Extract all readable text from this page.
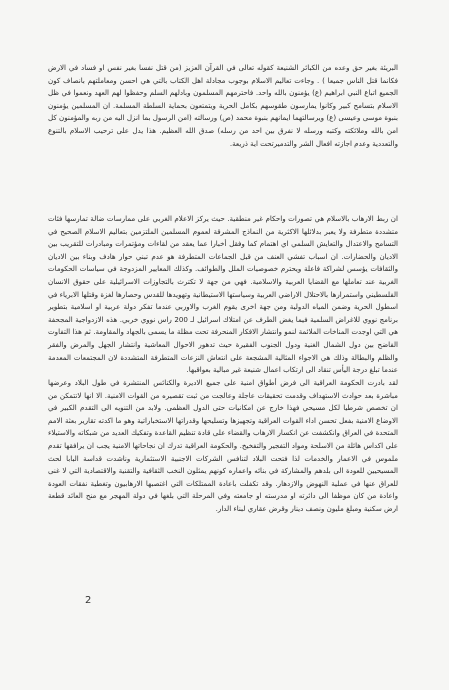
البريئة بغير حق وعده من الكبائر الشنيعة كقوله تعالى في القرآن العزيز (من قتل نفسا بغير نفس او فساد في الارض فكانما قتل الناس جميعا ) . وجاءت تعاليم الاسلام بوجوب مجادلة اهل الكتاب بالتي هي احسن ومعاملتهم بانصاف كون الجميع اتباع النبي ابراهيم (ع) يؤمنون بالله واحد. فاحترمهم المسلمون وبادلهم السلم وحفظوا لهم العهد ونعموا في ظل الاسلام بتسامح كبير وكانوا يمارسون طقوسهم بكامل الحرية ويتمتعون بحماية السلطة المسلمة. ان المسلمين يؤمنون بنبوة موسى وعيسى (ع) ويرسالتهما ايمانهم بنبوة محمد (ص) ورسالته (امن الرسول بما انزل اليه من ربه والمؤمنون كل امن بالله وملائكته وكتبه ورسله لا نفرق بين احد من رسله) صدق الله العظيم. هذا يدل على ترحيب الاسلام بالتنوع والتعددية وعدم اجازته افعال الشر والتدميرتحت اية ذريعة.

ان ربط الارهاب بالاسلام هي تصورات واحكام غير منطقية. حيث يركز الاعلام الغربي على ممارسات ضالة تمارسها فئات متشددة متطرفة ولا يعبر بدلائلها الاكثرية من النماذج المشرقة لعموم المسلمين الملتزمين بتعاليم الاسلام الصحيح في التسامح والاعتدال والتعايش السلمي اي اهتمام كما وفقل أخبارا عما يعقد من لقاءات ومؤتمرات ومبادرات للتقريب بين الاديان والحضارات. ان اسباب تفشي العنف من قبل الجماعات المتطرفة هو عدم تبني حوار هادف وبناء بين الاديان والثقافات يؤسس لشراكة فاعلة ويحترم خصوصيات الملل والطوائف. وكذلك المعايير المزدوجة في سياسات الحكومات الغربية عند تعاملها مع القضايا العربية والاسلامية. فهي من جهة لا تكترث بالتجاوزات الاسرائيلية على حقوق الانسان الفلسطيني واستمرارها بالاحتلال الاراضي العربية وسياستها الاستيطانية وتهويدها للقدس وحصارها لغزة وقتلها الابرياء في اسطول الحرية وضمن المياه الدولية ومن جهة اخرى يقوم الغرب والاوربي عندما تفكر دولة عربية او اسلامية بتطوير برنامج نووي للاغراض السلمية فيما يغض الطرف عن امتلاك اسرائيل لـ 200 راس نووي خربي. هذه الازدواجية المجحفة هي التي اوجدت المناخات الملائمة لنمو وانتشار الافكار المنحرفة تحت مظلة ما يسمى بالجهاد والمقاومة. ثم هذا التفاوت الفاضح بين دول الشمال الغنية ودول الجنوب الفقيرة حيث تدهور الاحوال المعاشية وانتشار الجهل والمرض والفقر والظلم والبطالة وذلك هي الاجواء المثالية المشجعة على انتعاش النزعات المتطرفة المتشددة لان المجتمعات المعدمة عندما تبلغ درجة اليأس تنقاد الى ارتكاب اعمال شنيعة غير مبالية بعواقبها.

لقد بادرت الحكومة العراقية الى فرض أطواق امنية على جميع الاديرة والكنائس المنتشرة في طول البلاد وعرضها مباشرة بعد حوادث الاستهداف وقدمت تحقيقات عاجلة وعالجت من ثبت تقصيره من القوات الامنية. الا انها لاتتمكن من ان تخصص شرطيا لكل مسيحي فهذا خارج عن امكانيات حتى الدول العظمى. ولابد من التنويه الى التقدم الكبير في الاوضاع الامنية بفعل تحسن اداء القوات العراقية وتجهيزها وتسليحها وقدراتها الاستخباراتية وهو ما اكدته تقارير بعثة الامم المتحدة في العراق وانكشفت عن انكسار الارهاب والقضاء على قادة تنظيم القاعدة وتفكيك العديد من شبكاته والاستيلاء على اكداس هائلة من الاسلحة ومواد التفجير والتفخيخ. والحكومة العراقية تدرك ان نجاحاتها الامنية يجب ان يرافقها تقدم ملموس في الاعمار والخدمات لذا فتحت البلاد لتنافس الشركات الاجنبية الاستثمارية وناشدت قداسة البابا لحث المسيحيين للعودة الى بلدهم والمشاركة في بنائه واعماره كونهم يمثلون النخب الثقافية والتقنية والاقتصادية التي لا غنى للعراق عنها في عملية النهوض والازدهار. وقد تكفلت باعادة الممتلكات التي اغتصبها الارهابيون وتغطية نفقات العودة واعادة من كان موظفا الى دائرته او مدرسته او جامعته وفي المرحلة التي بلغها في دولة المهجر مع منح العائد قطعة ارض سكنية ومبلغ مليون ونصف دينار وقرض عقاري لبناء الدار.

2
